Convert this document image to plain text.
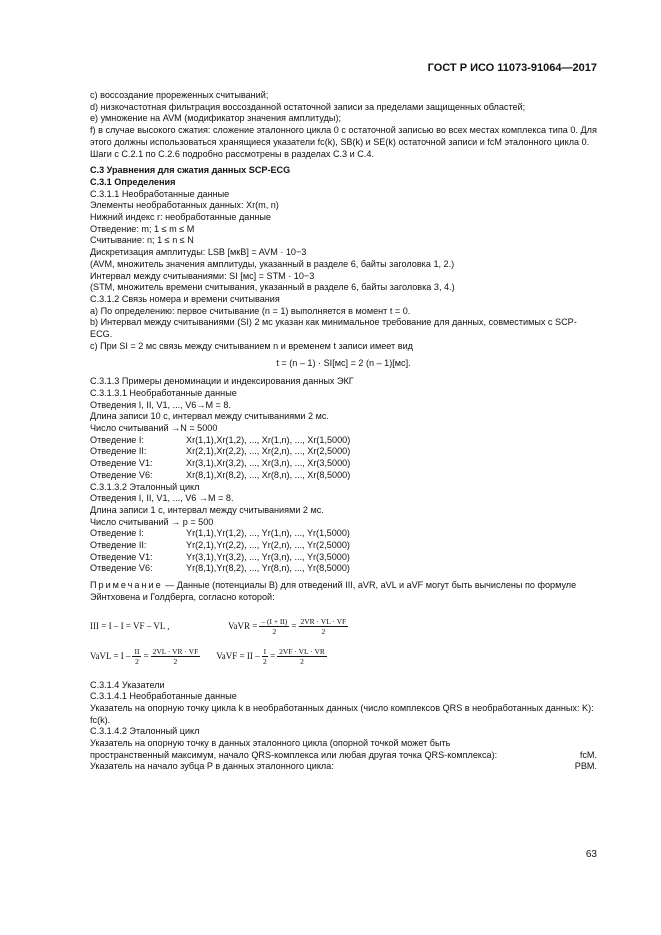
ГОСТ Р ИСО 11073-91064—2017

c) воссоздание прореженных считываний;

d) низкочастотная фильтрация воссозданной остаточной записи за пределами защищенных областей;

e) умножение на AVM (модификатор значения амплитуды);

f) в случае высокого сжатия: сложение эталонного цикла 0 с остаточной записью во всех местах комплекса типа 0. Для этого должны использоваться хранящиеся указатели fc(k), SB(k) и SE(k) остаточной записи и fcM эталонного цикла 0.

Шаги с C.2.1 по C.2.6 подробно рассмотрены в разделах C.3 и C.4.

C.3 Уравнения для сжатия данных SCP-ECG

C.3.1 Определения

C.3.1.1 Необработанные данные

Элементы необработанных данных: Xr(m, n)

Нижний индекс r: необработанные данные

Отведение: m; 1 ≤ m ≤ M

Считывание: n; 1 ≤ n ≤ N

Дискретизация амплитуды: LSB [мкВ] = AVM · 10−3

(AVM, множитель значения амплитуды, указанный в разделе 6, байты заголовка 1, 2.)

Интервал между считываниями: SI [мс] = STM · 10−3

(STM, множитель времени считывания, указанный в разделе 6, байты заголовка 3, 4.)

C.3.1.2 Связь номера и времени считывания

a) По определению: первое считывание (n = 1) выполняется в момент t = 0.

b) Интервал между считываниями (SI) 2 мс указан как минимальное требование для данных, совместимых с SCP-ECG.

c) При SI = 2 мс связь между считыванием n и временем t записи имеет вид

t = (n – 1) · SI[мс] = 2 (n – 1)[мс].

C.3.1.3 Примеры деноминации и индексирования данных ЭКГ

C.3.1.3.1 Необработанные данные

Отведения I, II, V1, ..., V6→M = 8.

Длина записи 10 с, интервал между считываниями 2 мс.

Число считываний →N = 5000

Отведение I:	Xr(1,1),Xr(1,2), ..., Xr(1,n), ..., Xr(1,5000)
Отведение II:	Xr(2,1),Xr(2,2), ..., Xr(2,n), ..., Xr(2,5000)
Отведение V1:	Xr(3,1),Xr(3,2), ..., Xr(3,n), ..., Xr(3,5000)
Отведение V6:	Xr(8,1),Xr(8,2), ..., Xr(8,n), ..., Xr(8,5000)

C.3.1.3.2 Эталонный цикл

Отведения I, II, V1, ..., V6 →M = 8.

Длина записи 1 с, интервал между считываниями 2 мс.

Число считываний → p = 500

Отведение I:	Yr(1,1),Yr(1,2), ..., Yr(1,n), ..., Yr(1,5000)
Отведение II:	Yr(2,1),Yr(2,2), ..., Yr(2,n), ..., Yr(2,5000)
Отведение V1:	Yr(3,1),Yr(3,2), ..., Yr(3,n), ..., Yr(3,5000)
Отведение V6:	Yr(8,1),Yr(8,2), ..., Yr(8,n), ..., Yr(8,5000)

Примечание — Данные (потенциалы В) для отведений III, aVR, aVL и aVF могут быть вычислены по формуле Эйнтховена и Голдберга, согласно которой:

III = I – I = VF – VL ,	VaVR = $\frac{- (I + II)}{2} = \frac{2VR \cdot VL \cdot VF}{2}$
VaVL = $I - \frac{II}{2} = \frac{2VL \cdot VR \cdot VF}{2}$ VaVF = II – $\frac{I}{2} = \frac{2VF \cdot VL \cdot VR}{2}$

C.3.1.4 Указатели

C.3.1.4.1 Необработанные данные

Указатель на опорную точку цикла k в необработанных данных (число комплексов QRS в необработанных данных: K): fc(k).

C.3.1.4.2 Эталонный цикл

Указатель на опорную точку в данных эталонного цикла (опорной точкой может быть

пространственный максимум, начало QRS-комплекса или любая другая точка QRS-комплекса):	fcM.
Указатель на начало зубца P в данных эталонного цикла:	PBM.
63
